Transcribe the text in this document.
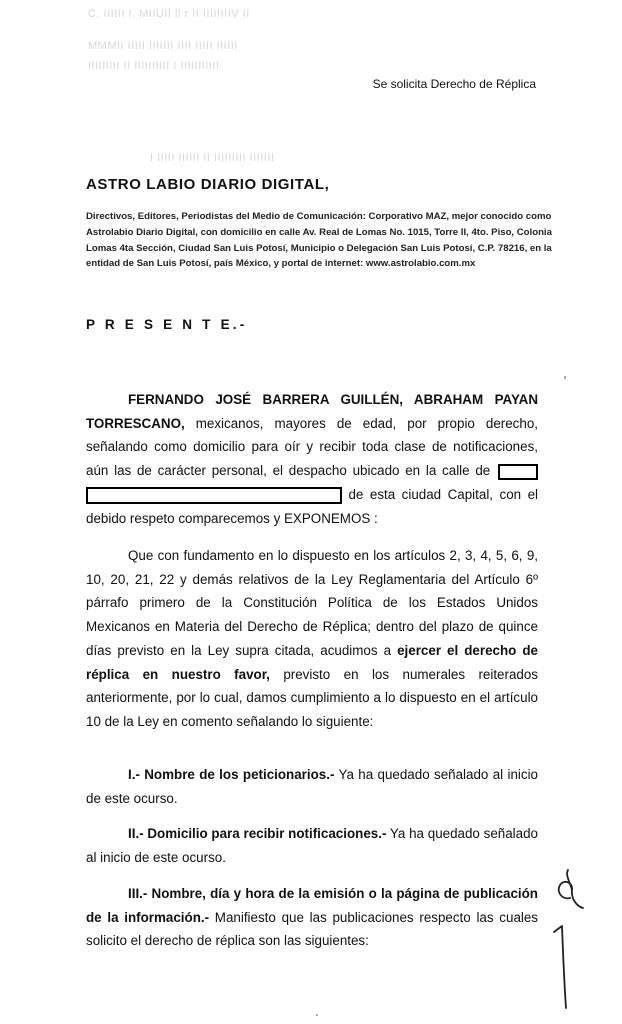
C. IIIIII I. MIIUII ll r II IIIIIIIIV II
MMMII IIIII IIIIIII IIII IIIII IIIIII
IIIIIIIII II IIIIIIIIII I IIIIIIIIIII
I IIIII IIIIII II IIIIIIIII IIIIIII
Se solicita Derecho de Réplica
ASTRO LABIO DIARIO DIGITAL,
Directivos, Editores, Periodistas del Medio de Comunicación: Corporativo MAZ, mejor conocido como Astrolabio Diario Digital, con domicilio en calle Av. Real de Lomas No. 1015, Torre II, 4to. Piso, Colonia Lomas 4ta Sección, Ciudad San Luis Potosí, Municipio o Delegación San Luis Potosí, C.P. 78216, en la entidad de San Luis Potosí, país México, y portal de internet: www.astrolabio.com.mx
P R E S E N T E.-
FERNANDO JOSÉ BARRERA GUILLÉN, ABRAHAM PAYAN TORRESCANO, mexicanos, mayores de edad, por propio derecho, señalando como domicilio para oír y recibir toda clase de notificaciones, aún las de carácter personal, el despacho ubicado en la calle de   de esta ciudad Capital, con el debido respeto comparecemos y EXPONEMOS :
Que con fundamento en lo dispuesto en los artículos 2, 3, 4, 5, 6, 9, 10, 20, 21, 22 y demás relativos de la Ley Reglamentaria del Artículo 6º párrafo primero de la Constitución Política de los Estados Unidos Mexicanos en Materia del Derecho de Réplica; dentro del plazo de quince días previsto en la Ley supra citada, acudimos a ejercer el derecho de réplica en nuestro favor, previsto en los numerales reiterados anteriormente, por lo cual, damos cumplimiento a lo dispuesto en el artículo 10 de la Ley en comento señalando lo siguiente:
I.- Nombre de los peticionarios.- Ya ha quedado señalado al inicio de este ocurso.
II.- Domicilio para recibir notificaciones.- Ya ha quedado señalado al inicio de este ocurso.
III.- Nombre, día y hora de la emisión o la página de publicación de la información.- Manifiesto que las publicaciones respecto las cuales solicito el derecho de réplica son las siguientes:
